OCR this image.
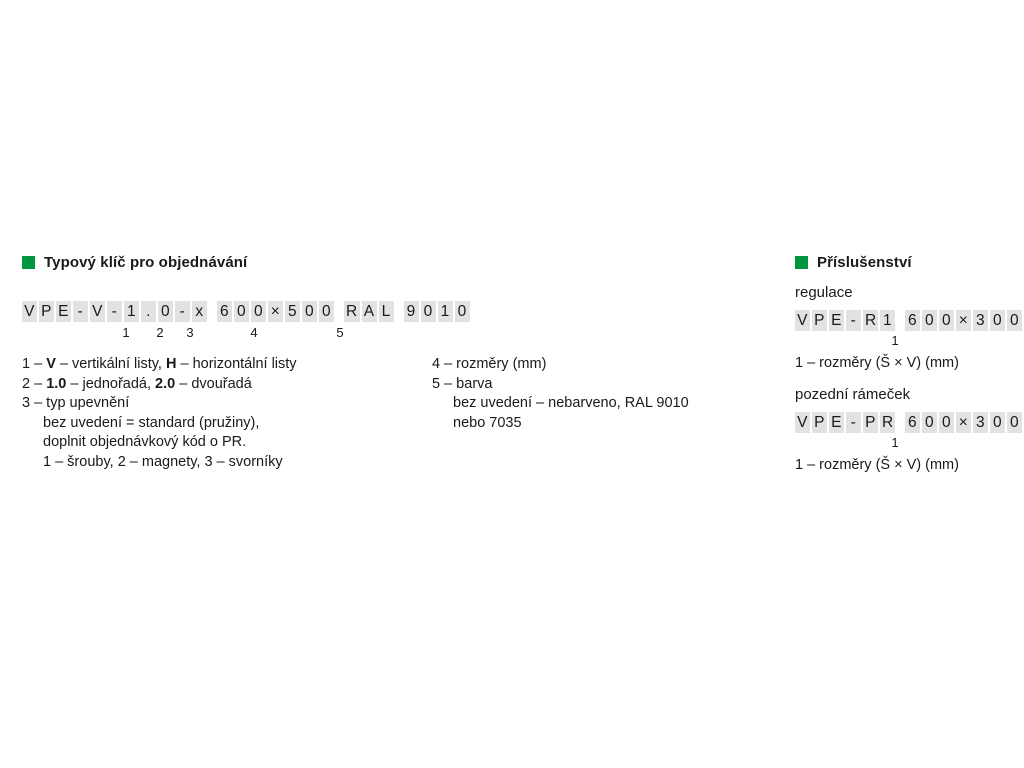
Typový klíč pro objednávání
V P E - V - 1 . 0 - x 6 0 0 × 5 0 0 R A L 9 0 1 0
1 2 3	4	5
1 – V – vertikální listy, H – horizontální listy
2 – 1.0 – jednořadá, 2.0 – dvouřadá
3 – typ upevnění
bez uvedení = standard (pružiny),
doplnit objednávkový kód o PR.
1 – šrouby, 2 – magnety, 3 – svorníky
4 – rozměry (mm)
5 – barva
bez uvedení – nebarveno, RAL 9010
nebo 7035
Příslušenství
regulace
V P E - R 1 6 0 0 × 3 0 0
1
1 – rozměry (Š × V) (mm)
pozední rámeček
V P E - P R 6 0 0 × 3 0 0
1
1 – rozměry (Š × V) (mm)
